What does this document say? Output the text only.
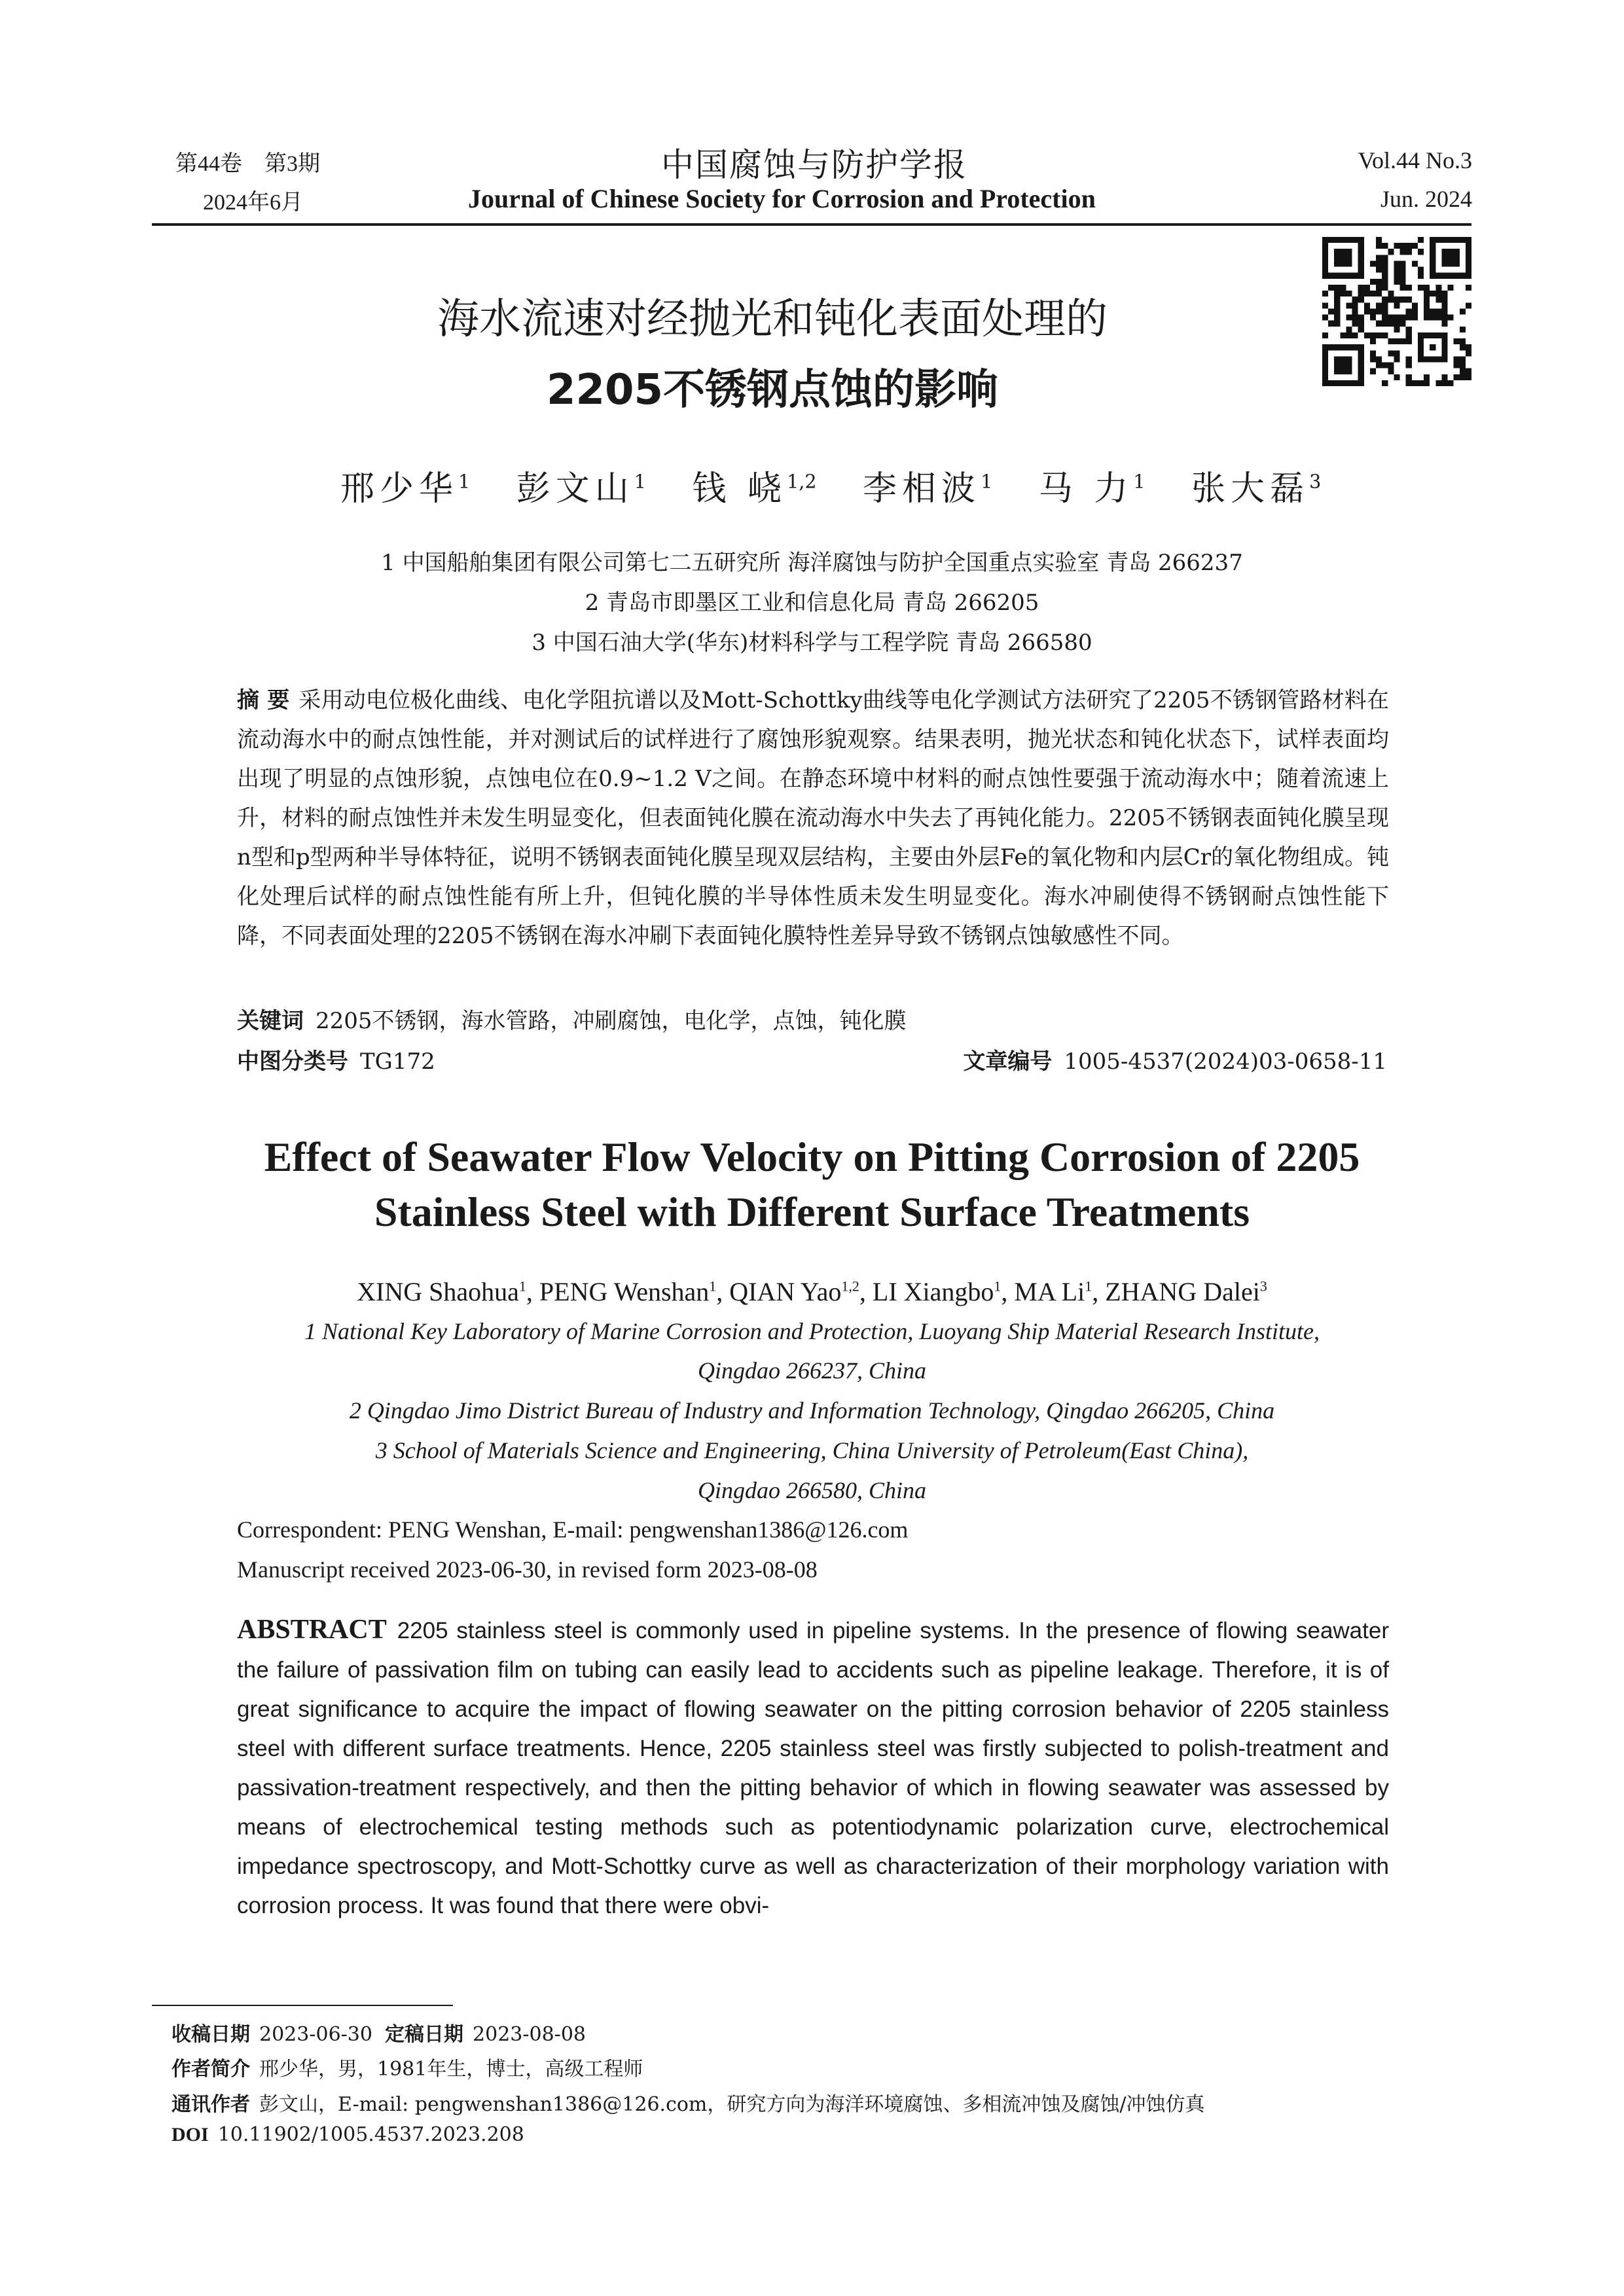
第44卷　第3期
2024年6月
中国腐蚀与防护学报
Journal of Chinese Society for Corrosion and Protection
Vol.44 No.3
Jun. 2024
海水流速对经抛光和钝化表面处理的
2205不锈钢点蚀的影响
邢少华$^1$ 彭文山$^1$ 钱 峣$^{1,2}$ 李相波$^1$ 马 力$^1$ 张大磊$^3$
1 中国船舶集团有限公司第七二五研究所 海洋腐蚀与防护全国重点实验室 青岛 266237
2 青岛市即墨区工业和信息化局 青岛 266205
3 中国石油大学(华东)材料科学与工程学院 青岛 266580
摘 要 采用动电位极化曲线、电化学阻抗谱以及Mott-Schottky曲线等电化学测试方法研究了2205不锈钢管路材料在流动海水中的耐点蚀性能，并对测试后的试样进行了腐蚀形貌观察。结果表明，抛光状态和钝化状态下，试样表面均出现了明显的点蚀形貌，点蚀电位在0.9~1.2 V之间。在静态环境中材料的耐点蚀性要强于流动海水中；随着流速上升，材料的耐点蚀性并未发生明显变化，但表面钝化膜在流动海水中失去了再钝化能力。2205不锈钢表面钝化膜呈现n型和p型两种半导体特征，说明不锈钢表面钝化膜呈现双层结构，主要由外层Fe的氧化物和内层Cr的氧化物组成。钝化处理后试样的耐点蚀性能有所上升，但钝化膜的半导体性质未发生明显变化。海水冲刷使得不锈钢耐点蚀性能下降，不同表面处理的2205不锈钢在海水冲刷下表面钝化膜特性差异导致不锈钢点蚀敏感性不同。
关键词 2205不锈钢，海水管路，冲刷腐蚀，电化学，点蚀，钝化膜
中图分类号 TG172	文章编号 1005-4537(2024)03-0658-11
Effect of Seawater Flow Velocity on Pitting Corrosion of 2205
Stainless Steel with Different Surface Treatments
XING Shaohua$^1$, PENG Wenshan$^1$, QIAN Yao$^{1,2}$, LI Xiangbo$^1$, MA Li$^1$, ZHANG Dalei$^3$
1 National Key Laboratory of Marine Corrosion and Protection, Luoyang Ship Material Research Institute,
Qingdao 266237, China
2 Qingdao Jimo District Bureau of Industry and Information Technology, Qingdao 266205, China
3 School of Materials Science and Engineering, China University of Petroleum(East China),
Qingdao 266580, China
Correspondent: PENG Wenshan, E-mail: pengwenshan1386@126.com
Manuscript received 2023-06-30, in revised form 2023-08-08
ABSTRACT 2205 stainless steel is commonly used in pipeline systems. In the presence of flowing seawater the failure of passivation film on tubing can easily lead to accidents such as pipeline leakage. Therefore, it is of great significance to acquire the impact of flowing seawater on the pitting corrosion behavior of 2205 stainless steel with different surface treatments. Hence, 2205 stainless steel was firstly subjected to polish-treatment and passivation-treatment respectively, and then the pitting behavior of which in flowing seawater was assessed by means of electrochemical testing methods such as potentiodynamic polarization curve, electrochemical impedance spectroscopy, and Mott-Schottky curve as well as characterization of their morphology variation with corrosion process. It was found that there were obvi-
收稿日期 2023-06-30 定稿日期 2023-08-08
作者简介 邢少华，男，1981年生，博士，高级工程师
通讯作者 彭文山，E-mail: pengwenshan1386@126.com，研究方向为海洋环境腐蚀、多相流冲蚀及腐蚀/冲蚀仿真
DOI 10.11902/1005.4537.2023.208
